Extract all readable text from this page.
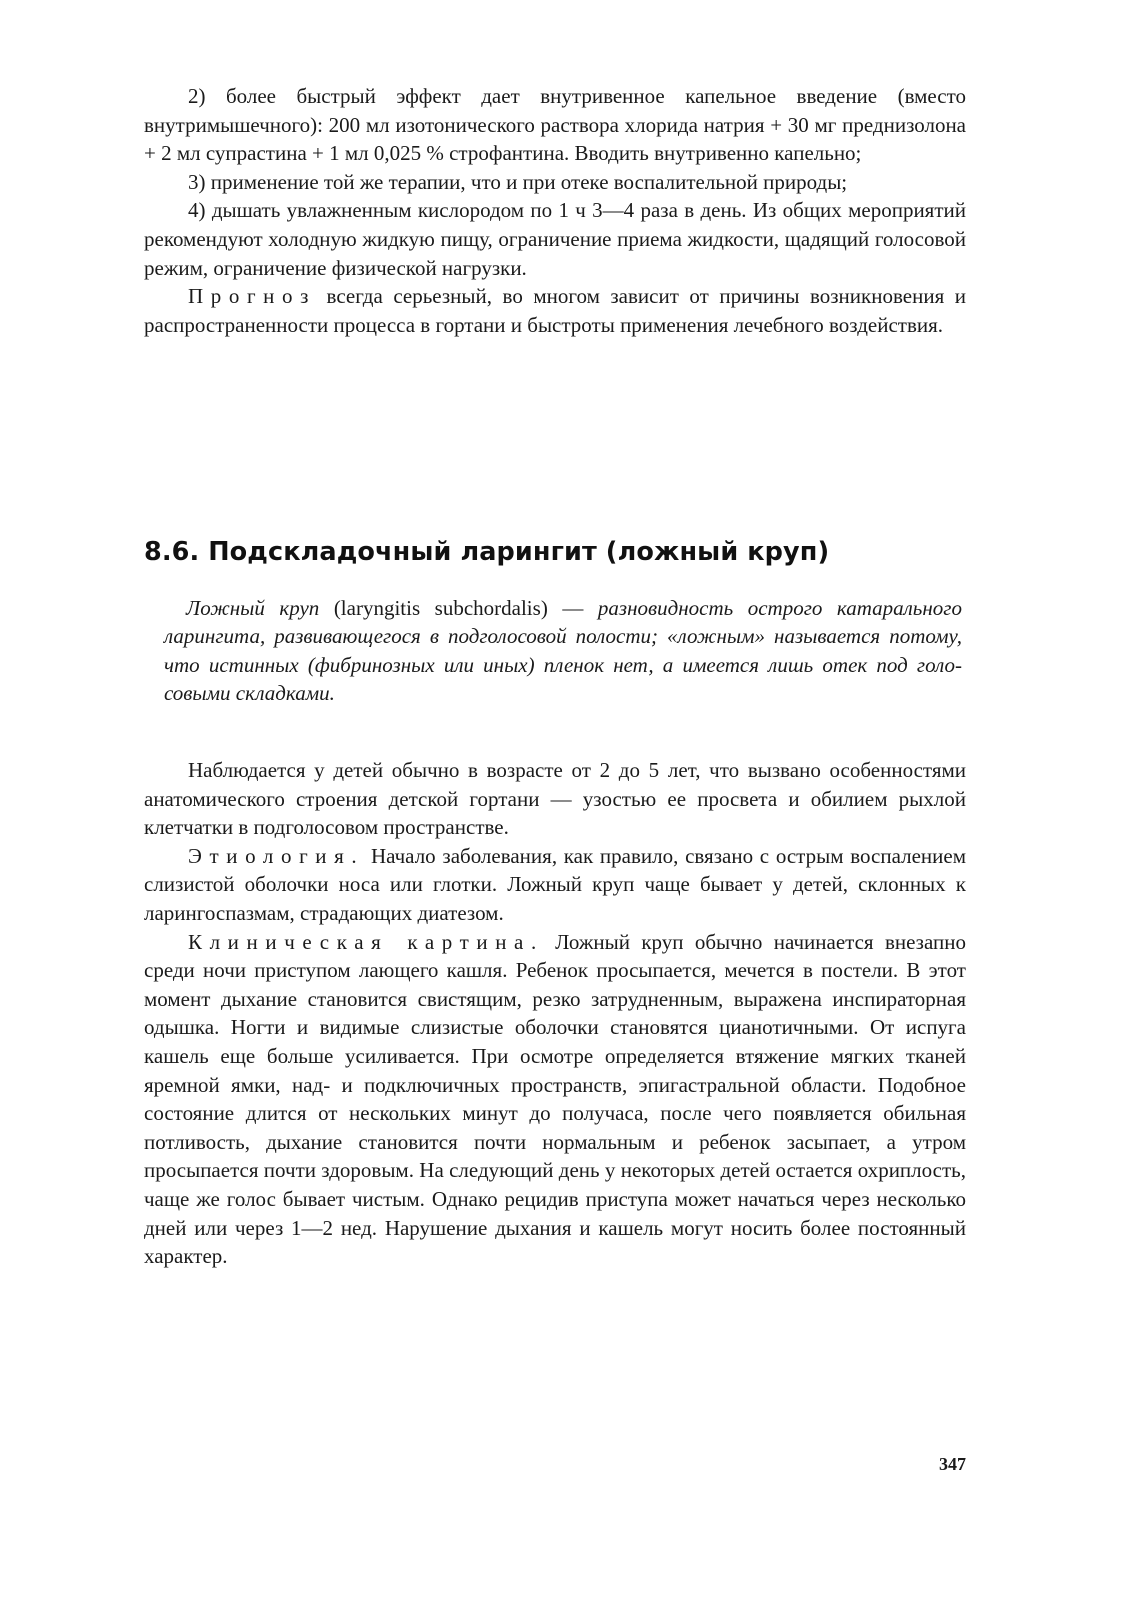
2) более быстрый эффект дает внутривенное капельное введение (вместо внутримышечного): 200 мл изотонического раствора хлорида натрия + 30 мг преднизолона + 2 мл супрастина + 1 мл 0,025 % строфантина. Вводить внутривенно капельно;

3) применение той же терапии, что и при отеке воспалительной природы;

4) дышать увлажненным кислородом по 1 ч 3—4 раза в день. Из общих мероприятий рекомендуют холодную жидкую пищу, ограничение приема жидкости, щадящий голосовой режим, ограничение физической нагрузки.

Прогноз всегда серьезный, во многом зависит от причины возникновения и распространенности процесса в гортани и быстроты применения лечебного воздействия.

8.6. Подскладочный ларингит (ложный круп)

Ложный круп (laryngitis subchordalis) — разновидность острого катарального ларингита, развивающегося в подголосовой полости; «ложным» называется потому, что истинных (фибринозных или иных) пленок нет, а имеется лишь отек под голосовыми складками.

Наблюдается у детей обычно в возрасте от 2 до 5 лет, что вызвано особенностями анатомического строения детской гортани — узостью ее просвета и обилием рыхлой клетчатки в подголосовом пространстве.

Этиология. Начало заболевания, как правило, связано с острым воспалением слизистой оболочки носа или глотки. Ложный круп чаще бывает у детей, склонных к ларингоспазмам, страдающих диатезом.

Клиническая картина. Ложный круп обычно начинается внезапно среди ночи приступом лающего кашля. Ребенок просыпается, мечется в постели. В этот момент дыхание становится свистящим, резко затрудненным, выражена инспираторная одышка. Ногти и видимые слизистые оболочки становятся цианотичными. От испуга кашель еще больше усиливается. При осмотре определяется втяжение мягких тканей яремной ямки, над- и подключичных пространств, эпигастральной области. Подобное состояние длится от нескольких минут до получаса, после чего появляется обильная потливость, дыхание становится почти нормальным и ребенок засыпает, а утром просыпается почти здоровым. На следующий день у некоторых детей остается охриплость, чаще же голос бывает чистым. Однако рецидив приступа может начаться через несколько дней или через 1—2 нед. Нарушение дыхания и кашель могут носить более постоянный характер.

347
